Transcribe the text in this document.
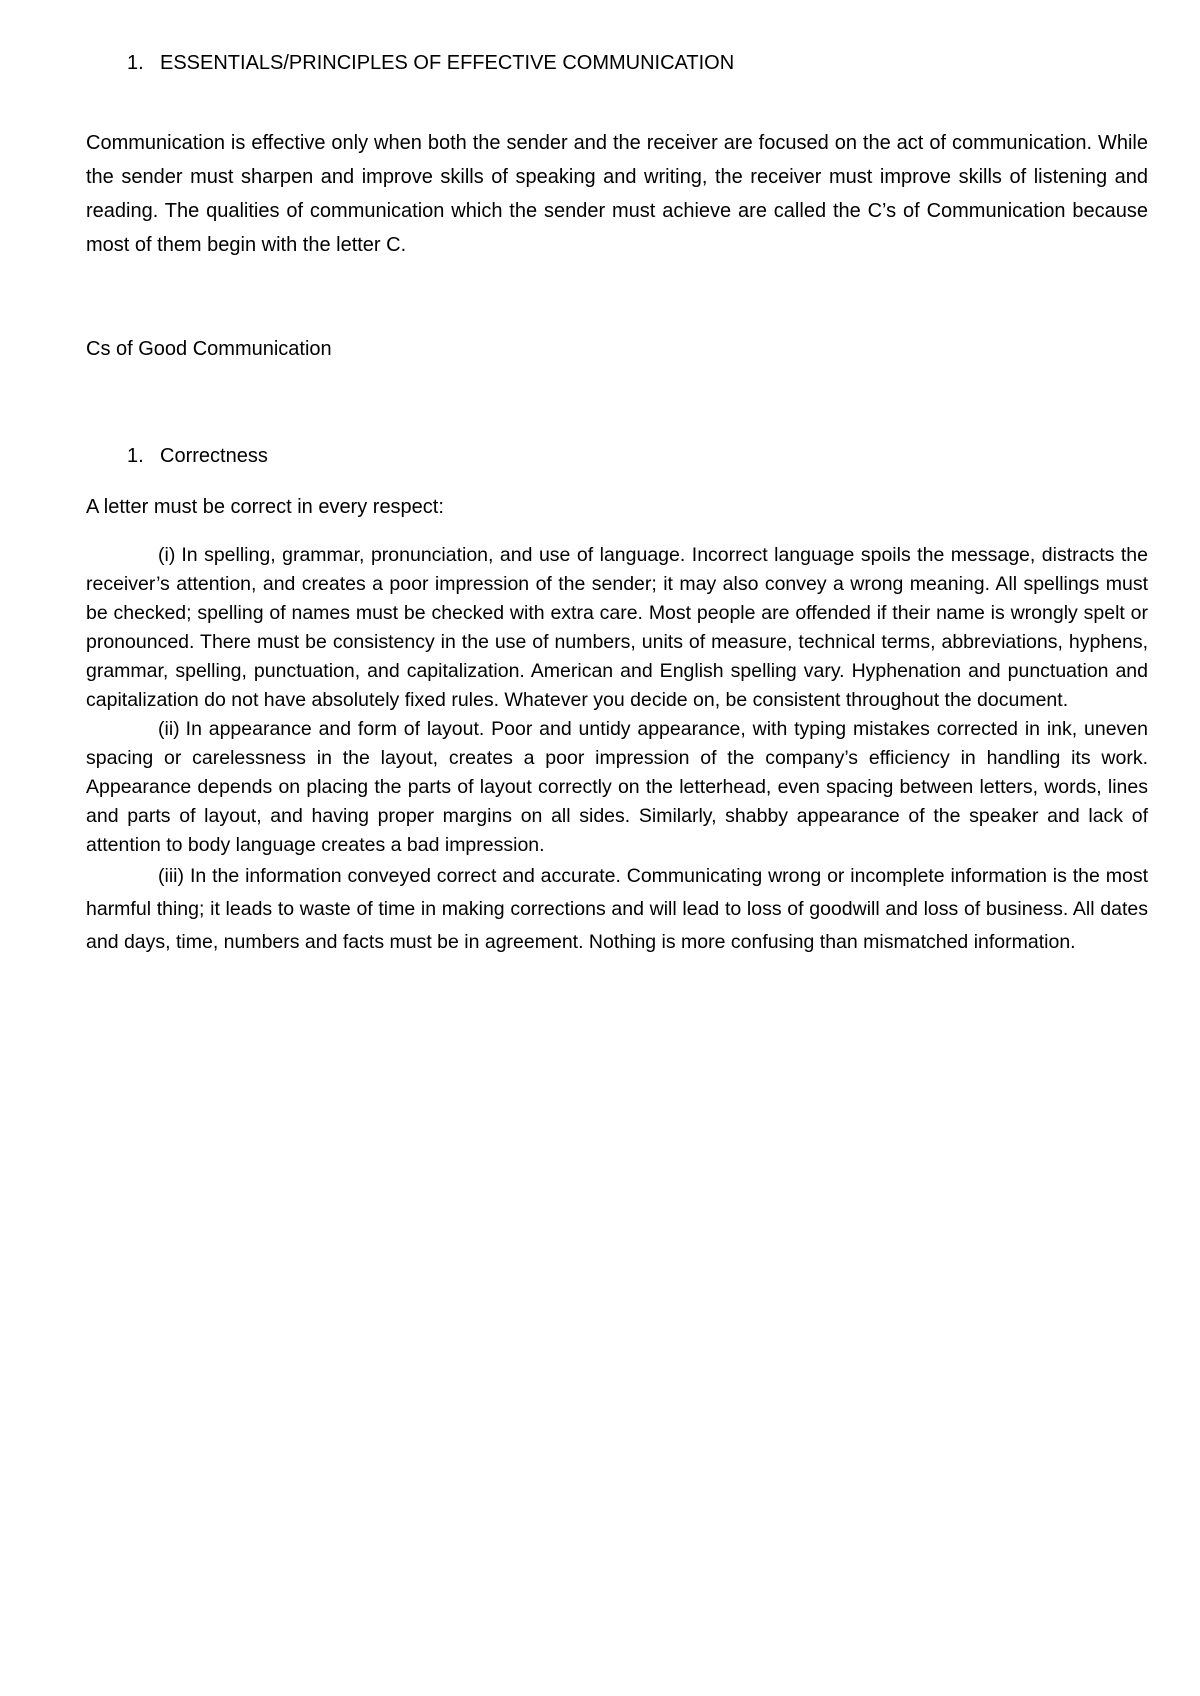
1. ESSENTIALS/PRINCIPLES OF EFFECTIVE COMMUNICATION
Communication is effective only when both the sender and the receiver are focused on the act of communication. While the sender must sharpen and improve skills of speaking and writing, the receiver must improve skills of listening and reading. The qualities of communication which the sender must achieve are called the C’s of Communication because most of them begin with the letter C.
Cs of Good Communication
1. Correctness
A letter must be correct in every respect:

(i) In spelling, grammar, pronunciation, and use of language. Incorrect language spoils the message, distracts the receiver’s attention, and creates a poor impression of the sender; it may also convey a wrong meaning. All spellings must be checked; spelling of names must be checked with extra care. Most people are offended if their name is wrongly spelt or pronounced. There must be consistency in the use of numbers, units of measure, technical terms, abbreviations, hyphens, grammar, spelling, punctuation, and capitalization. American and English spelling vary. Hyphenation and punctuation and capitalization do not have absolutely fixed rules. Whatever you decide on, be consistent throughout the document.

(ii) In appearance and form of layout. Poor and untidy appearance, with typing mistakes corrected in ink, uneven spacing or carelessness in the layout, creates a poor impression of the company’s efficiency in handling its work. Appearance depends on placing the parts of layout correctly on the letterhead, even spacing between letters, words, lines and parts of layout, and having proper margins on all sides. Similarly, shabby appearance of the speaker and lack of attention to body language creates a bad impression.

(iii) In the information conveyed correct and accurate. Communicating wrong or incomplete information is the most harmful thing; it leads to waste of time in making corrections and will lead to loss of goodwill and loss of business. All dates and days, time, numbers and facts must be in agreement. Nothing is more confusing than mismatched information.
